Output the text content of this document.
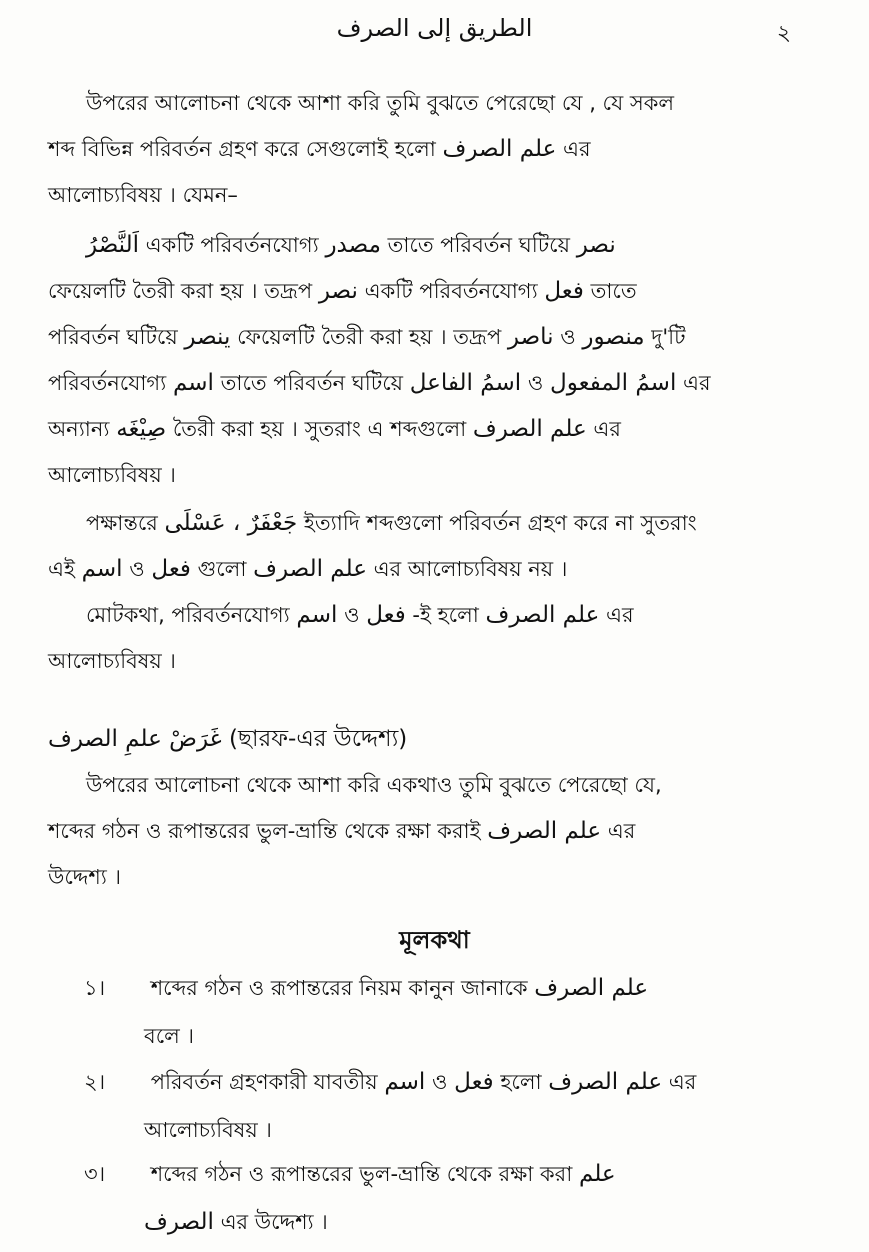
الطريق إلى الصرف	২
উপরের আলোচনা থেকে আশা করি তুমি বুঝতে পেরেছো যে , যে সকল
শব্দ বিভিন্ন পরিবর্তন গ্রহণ করে সেগুলোই হলো علم الصرف এর
আলোচ্যবিষয় । যেমন–
اَلنَّصْرُ একটি পরিবর্তনযোগ্য مصدر তাতে পরিবর্তন ঘটিয়ে نصر
ফেয়েলটি তৈরী করা হয় । তদ্রূপ نصر একটি পরিবর্তনযোগ্য فعل তাতে
পরিবর্তন ঘটিয়ে ينصر ফেয়েলটি তৈরী করা হয় । তদ্রূপ ناصر ও منصور দু'টি
পরিবর্তনযোগ্য اسم তাতে পরিবর্তন ঘটিয়ে اسمُ الفاعل ও اسمُ المفعول এর
অন্যান্য صِيْغَه তৈরী করা হয় । সুতরাং এ শব্দগুলো علم الصرف এর
আলোচ্যবিষয় ।
পক্ষান্তরে جَعْفَرٌ ، عَسْلَى ইত্যাদি শব্দগুলো পরিবর্তন গ্রহণ করে না সুতরাং
এই اسم ও فعل গুলো علم الصرف এর আলোচ্যবিষয় নয় ।
মোটকথা, পরিবর্তনযোগ্য اسم ও فعل -ই হলো علم الصرف এর
আলোচ্যবিষয় ।
غَرَضْ علمِ الصرف (ছারফ-এর উদ্দেশ্য)
উপরের আলোচনা থেকে আশা করি একথাও তুমি বুঝতে পেরেছো যে,
শব্দের গঠন ও রূপান্তরের ভুল-ভ্রান্তি থেকে রক্ষা করাই علم الصرف এর
উদ্দেশ্য ।
মূলকথা
১। শব্দের গঠন ও রূপান্তরের নিয়ম কানুন জানাকে علم الصرف
বলে ।
২। পরিবর্তন গ্রহণকারী যাবতীয় اسم ও فعل হলো علم الصرف এর
আলোচ্যবিষয় ।
৩। শব্দের গঠন ও রূপান্তরের ভুল-ভ্রান্তি থেকে রক্ষা করা علم
الصرف এর উদ্দেশ্য ।
